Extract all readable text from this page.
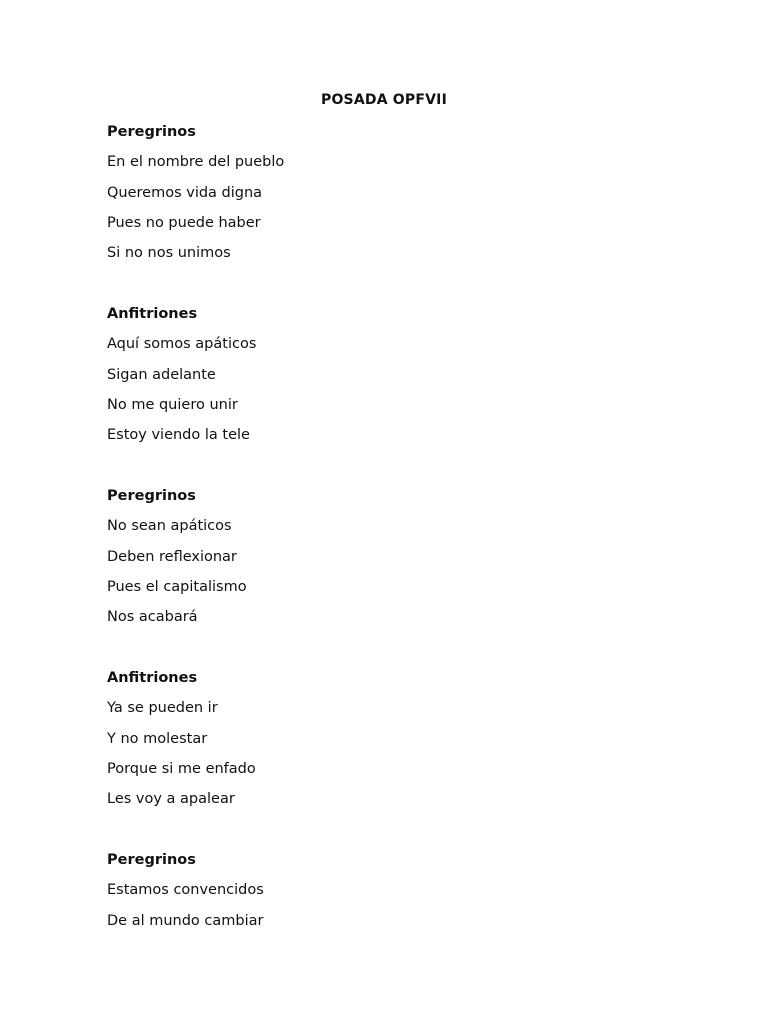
POSADA OPFVII
Peregrinos
En el nombre del pueblo
Queremos vida digna
Pues no puede haber
Si no nos unimos
Anfitriones
Aquí somos apáticos
Sigan adelante
No me quiero unir
Estoy viendo la tele
Peregrinos
No sean apáticos
Deben reflexionar
Pues el capitalismo
Nos acabará
Anfitriones
Ya se pueden ir
Y no molestar
Porque si me enfado
Les voy a apalear
Peregrinos
Estamos convencidos
De al mundo cambiar
